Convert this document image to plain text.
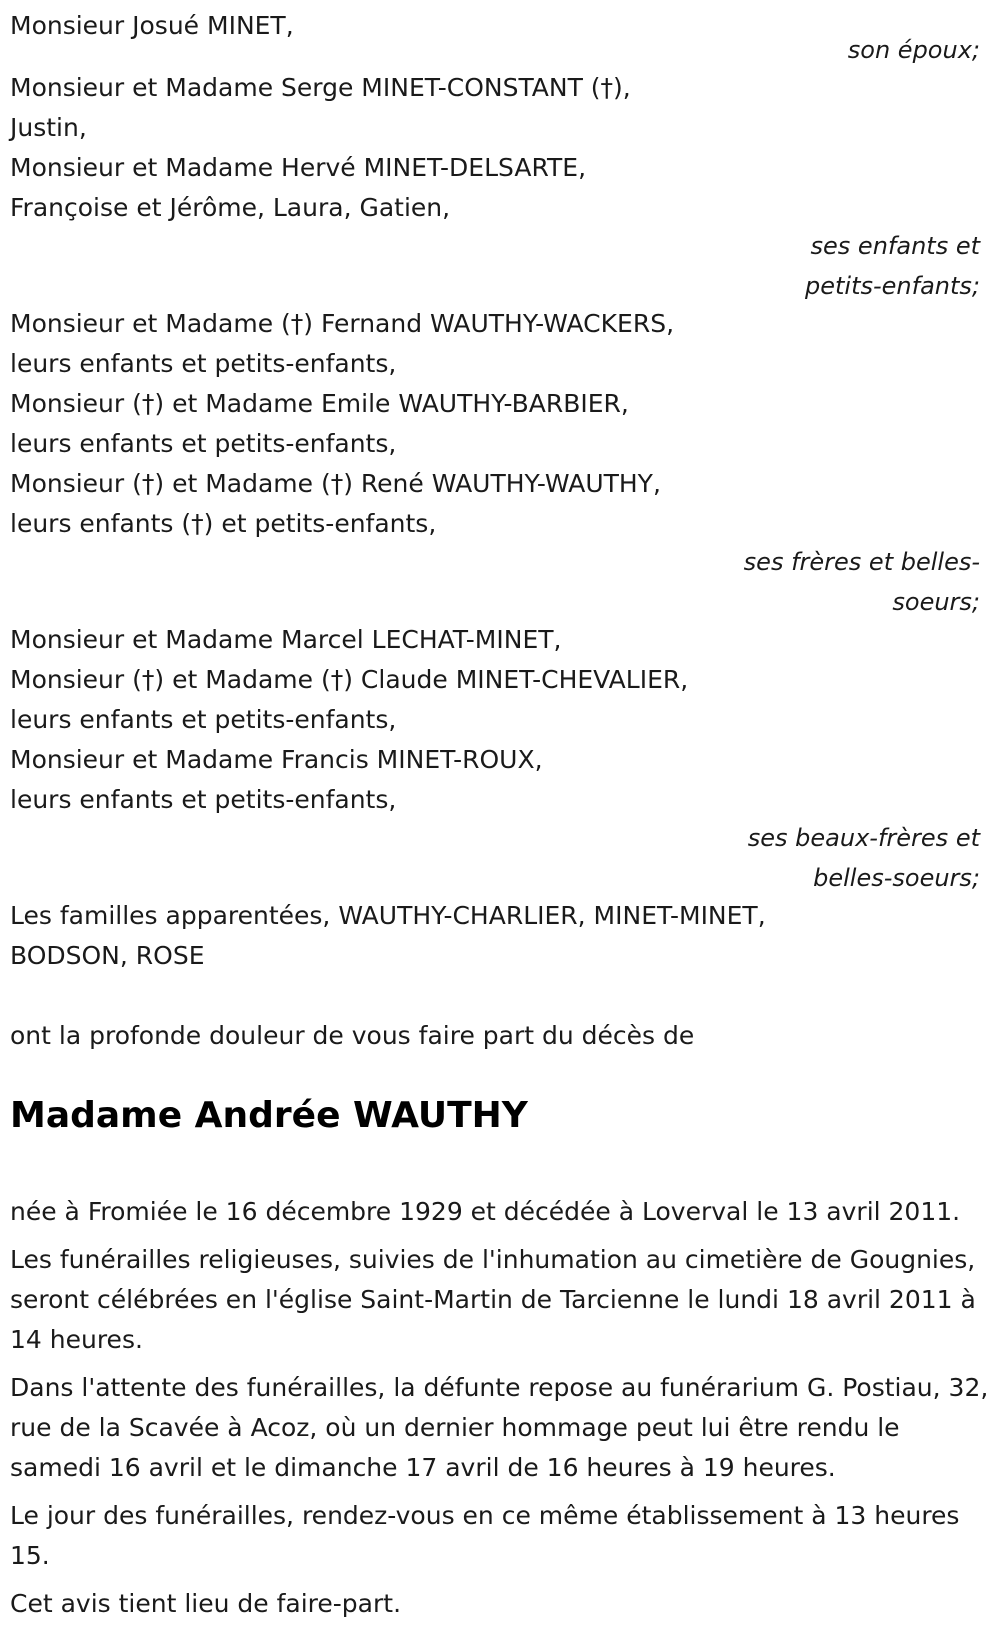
Monsieur Josué MINET,
son époux;
Monsieur et Madame Serge MINET-CONSTANT (†),
Justin,
Monsieur et Madame Hervé MINET-DELSARTE,
Françoise et Jérôme, Laura, Gatien,
ses enfants et
petits-enfants;
Monsieur et Madame (†) Fernand WAUTHY-WACKERS,
leurs enfants et petits-enfants,
Monsieur (†) et Madame Emile WAUTHY-BARBIER,
leurs enfants et petits-enfants,
Monsieur (†) et Madame (†) René WAUTHY-WAUTHY,
leurs enfants (†) et petits-enfants,
ses frères et belles-
soeurs;
Monsieur et Madame Marcel LECHAT-MINET,
Monsieur (†) et Madame (†) Claude MINET-CHEVALIER,
leurs enfants et petits-enfants,
Monsieur et Madame Francis MINET-ROUX,
leurs enfants et petits-enfants,
ses beaux-frères et
belles-soeurs;
Les familles apparentées, WAUTHY-CHARLIER, MINET-MINET,
BODSON, ROSE
ont la profonde douleur de vous faire part du décès de
Madame Andrée WAUTHY

née à Fromiée le 16 décembre 1929 et décédée à Loverval le 13 avril 2011.

Les funérailles religieuses, suivies de l'inhumation au cimetière de Gougnies, seront célébrées en l'église Saint-Martin de Tarcienne le lundi 18 avril 2011 à 14 heures.

Dans l'attente des funérailles, la défunte repose au funérarium G. Postiau, 32, rue de la Scavée à Acoz, où un dernier hommage peut lui être rendu le samedi 16 avril et le dimanche 17 avril de 16 heures à 19 heures.

Le jour des funérailles, rendez-vous en ce même établissement à 13 heures 15.

Cet avis tient lieu de faire-part.
